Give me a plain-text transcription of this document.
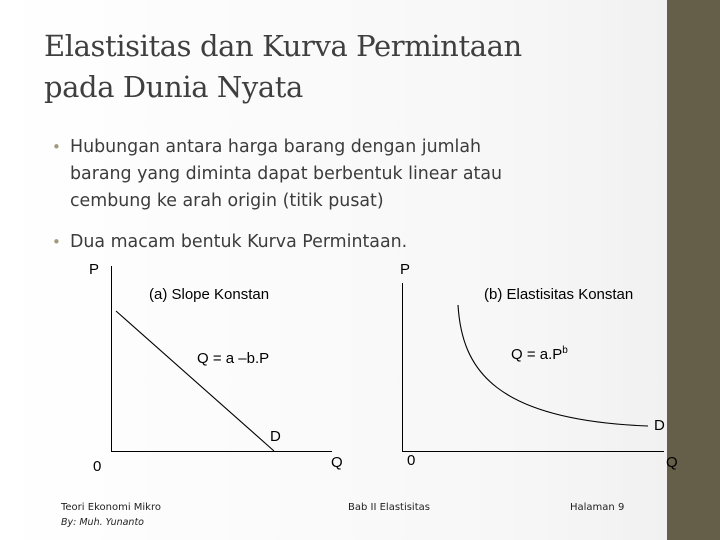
Elastisitas dan Kurva Permintaan
pada Dunia Nyata
• Hubungan antara harga barang dengan jumlah
barang yang diminta dapat berbentuk linear atau
cembung ke arah origin (titik pusat)
• Dua macam bentuk Kurva Permintaan.
P
(a) Slope Konstan
Q = a –b.P
D
0	Q
P
(b) Elastisitas Konstan
$Q = a.P^b$
D
0	Q
Teori Ekonomi Mikro
By: Muh. Yunanto
Bab II Elastisitas	Halaman 9
